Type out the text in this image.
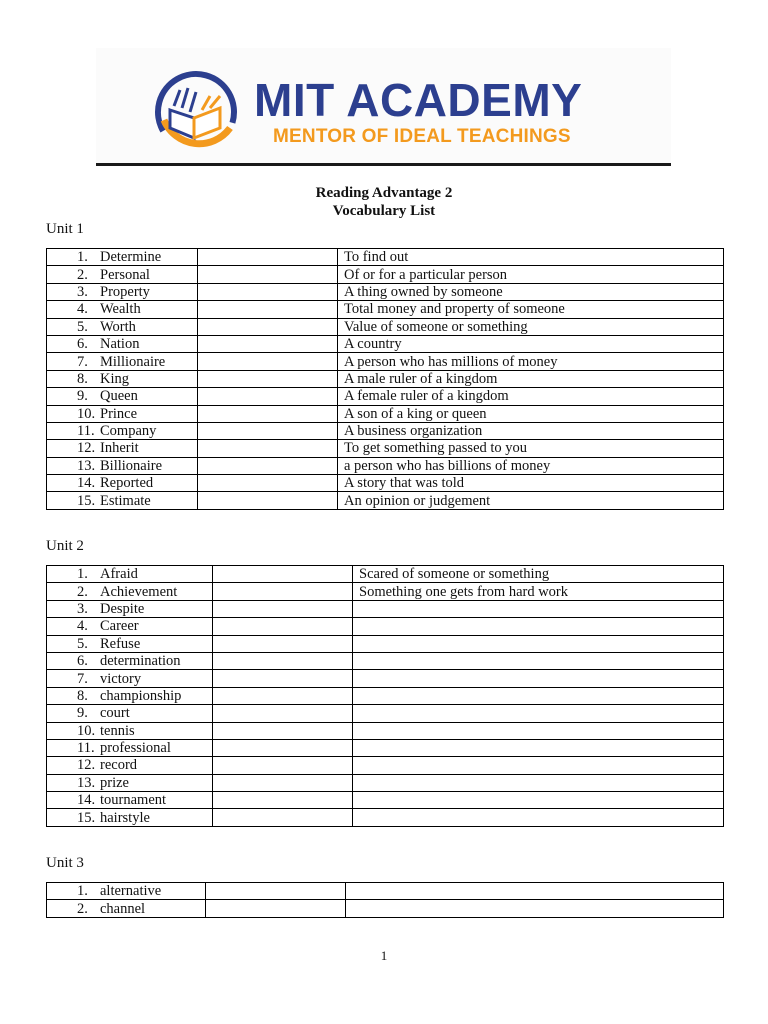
MIT ACADEMY
MENTOR OF IDEAL TEACHINGS
Reading Advantage 2
Vocabulary List
Unit 1
Unit 2
Unit 3
1. Determine		To find out
2. Personal		Of or for a particular person
3. Property		A thing owned by someone
4. Wealth		Total money and property of someone
5. Worth		Value of someone or something
6. Nation		A country
7. Millionaire		A person who has millions of money
8. King		A male ruler of a kingdom
9. Queen		A female ruler of a kingdom
10. Prince		A son of a king or queen
11. Company		A business organization
12. Inherit		To get something passed to you
13. Billionaire		a person who has billions of money
14. Reported		A story that was told
15. Estimate		An opinion or judgement
1. Afraid		Scared of someone or something
2. Achievement		Something one gets from hard work
3. Despite		
4. Career		
5. Refuse		
6. determination		
7. victory		
8. championship		
9. court		
10. tennis		
11. professional		
12. record		
13. prize		
14. tournament		
15. hairstyle		
1. alternative		
2. channel		
1
